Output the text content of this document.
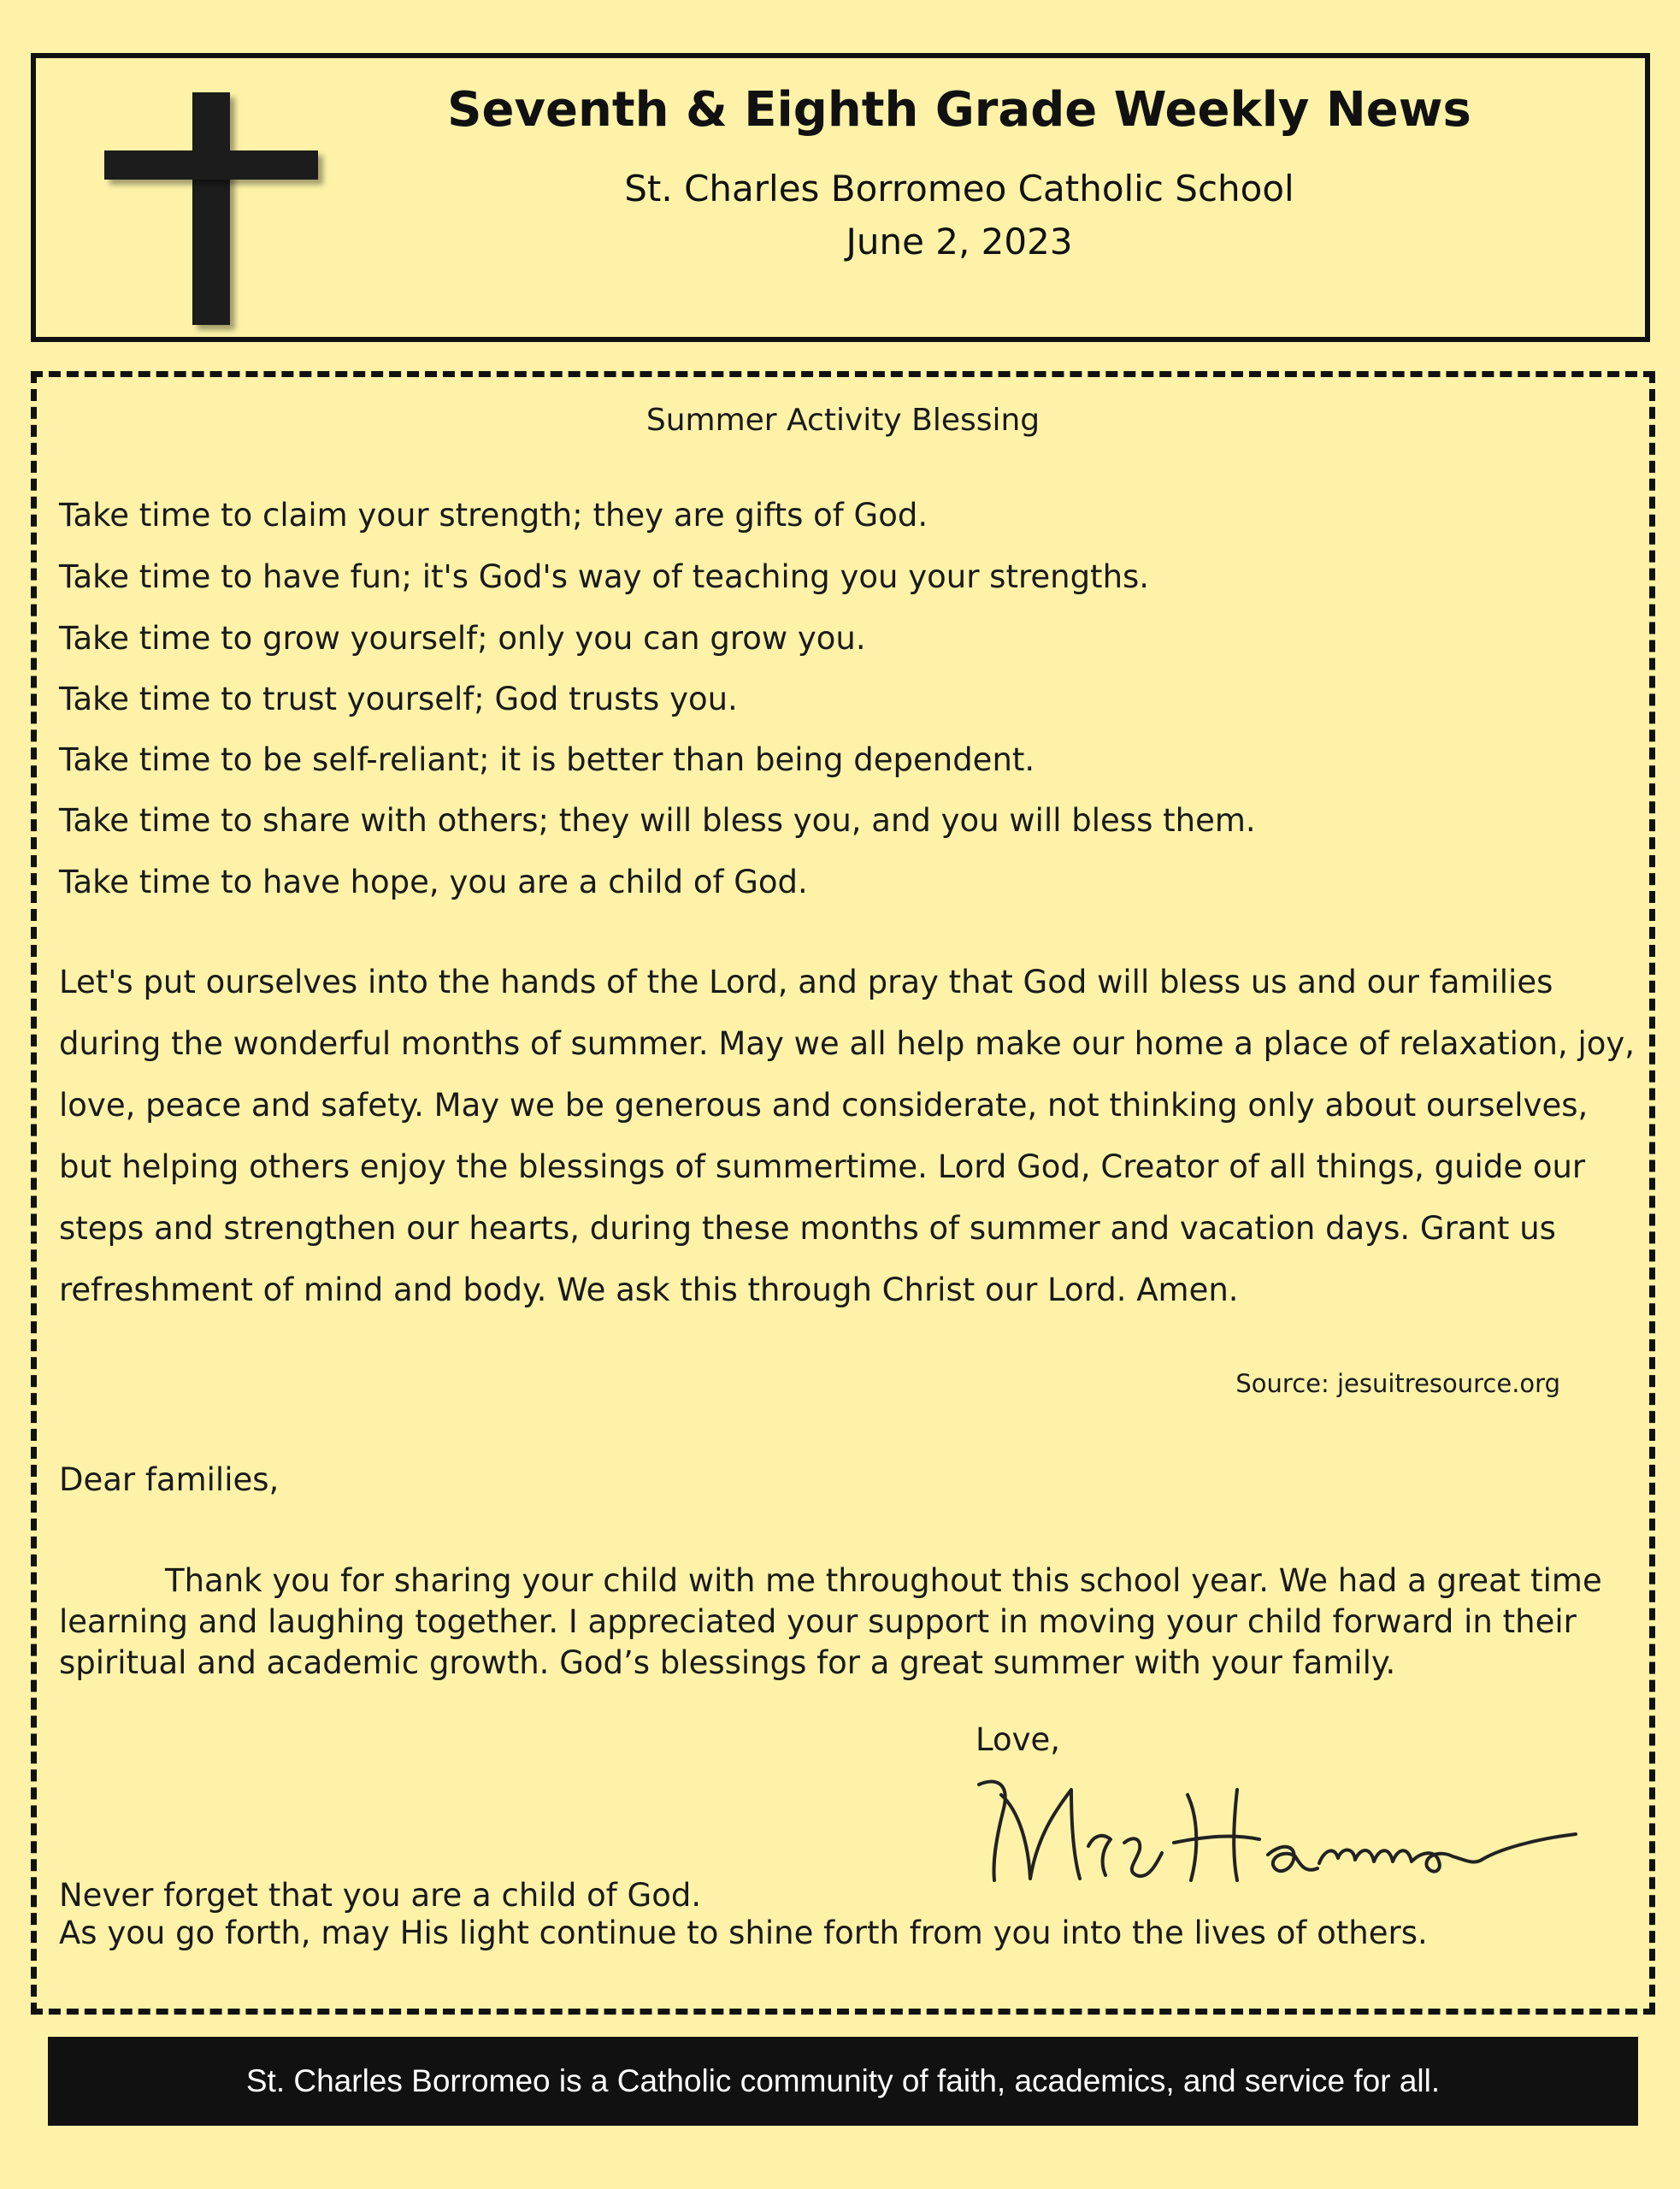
Seventh & Eighth Grade Weekly News
St. Charles Borromeo Catholic School
June 2, 2023
Summer Activity Blessing
Take time to claim your strength; they are gifts of God.
Take time to have fun; it's God's way of teaching you your strengths.
Take time to grow yourself; only you can grow you.
Take time to trust yourself; God trusts you.
Take time to be self-reliant; it is better than being dependent.
Take time to share with others; they will bless you, and you will bless them.
Take time to have hope, you are a child of God.
Let's put ourselves into the hands of the Lord, and pray that God will bless us and our families during the wonderful months of summer. May we all help make our home a place of relaxation, joy, love, peace and safety. May we be generous and considerate, not thinking only about ourselves, but helping others enjoy the blessings of summertime. Lord God, Creator of all things, guide our steps and strengthen our hearts, during these months of summer and vacation days. Grant us refreshment of mind and body. We ask this through Christ our Lord. Amen.
Source: jesuitresource.org
Dear families,
Thank you for sharing your child with me throughout this school year. We had a great time learning and laughing together. I appreciated your support in moving your child forward in their spiritual and academic growth. God’s blessings for a great summer with your family.
Love,
Never forget that you are a child of God.
As you go forth, may His light continue to shine forth from you into the lives of others.
St. Charles Borromeo is a Catholic community of faith, academics, and service for all.
